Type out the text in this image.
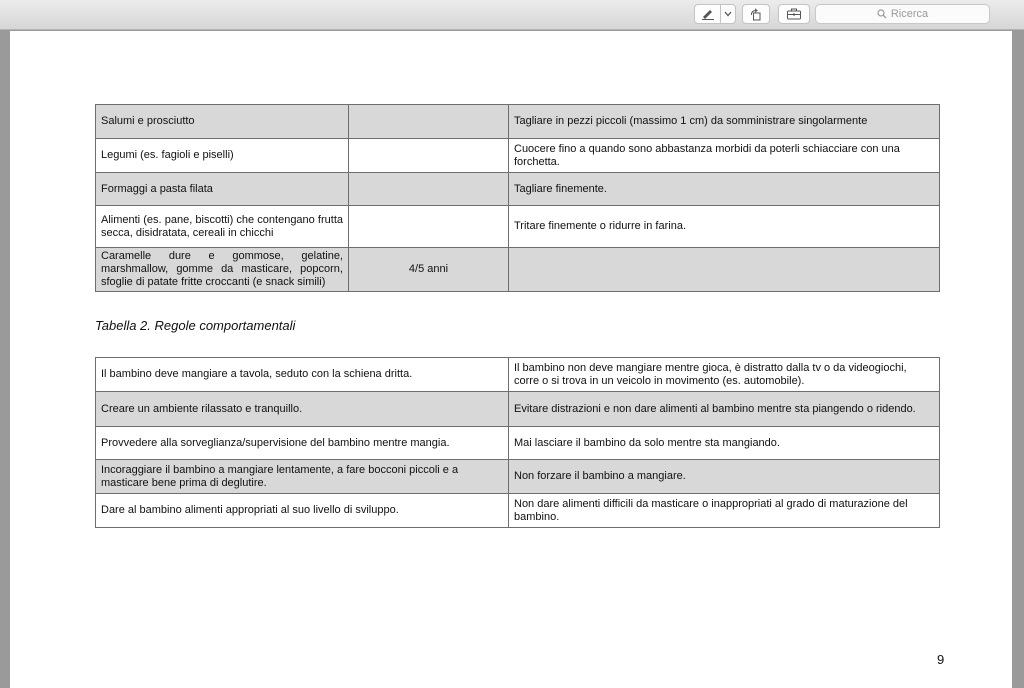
Ricerca
Salumi e prosciutto		Tagliare in pezzi piccoli (massimo 1 cm) da somministrare singolarmente
Legumi (es. fagioli e piselli)		Cuocere fino a quando sono abbastanza morbidi da poterli schiacciare con una forchetta.
Formaggi a pasta filata		Tagliare finemente.
Alimenti (es. pane, biscotti) che contengano frutta secca, disidratata, cereali in chicchi		Tritare finemente o ridurre in farina.
Caramelle dure e gommose, gelatine, marshmallow, gomme da masticare, popcorn, sfoglie di patate fritte croccanti (e snack simili)	4/5 anni	
Tabella 2. Regole comportamentali
Il bambino deve mangiare a tavola, seduto con la schiena dritta.	Il bambino non deve mangiare mentre gioca, è distratto dalla tv o da videogiochi, corre o si trova in un veicolo in movimento (es. automobile).
Creare un ambiente rilassato e tranquillo.	Evitare distrazioni e non dare alimenti al bambino mentre sta piangendo o ridendo.
Provvedere alla sorveglianza/supervisione del bambino mentre mangia.	Mai lasciare il bambino da solo mentre sta mangiando.
Incoraggiare il bambino a mangiare lentamente, a fare bocconi piccoli e a masticare bene prima di deglutire.	Non forzare il bambino a mangiare.
Dare al bambino alimenti appropriati al suo livello di sviluppo.	Non dare alimenti difficili da masticare o inappropriati al grado di maturazione del bambino.
9
